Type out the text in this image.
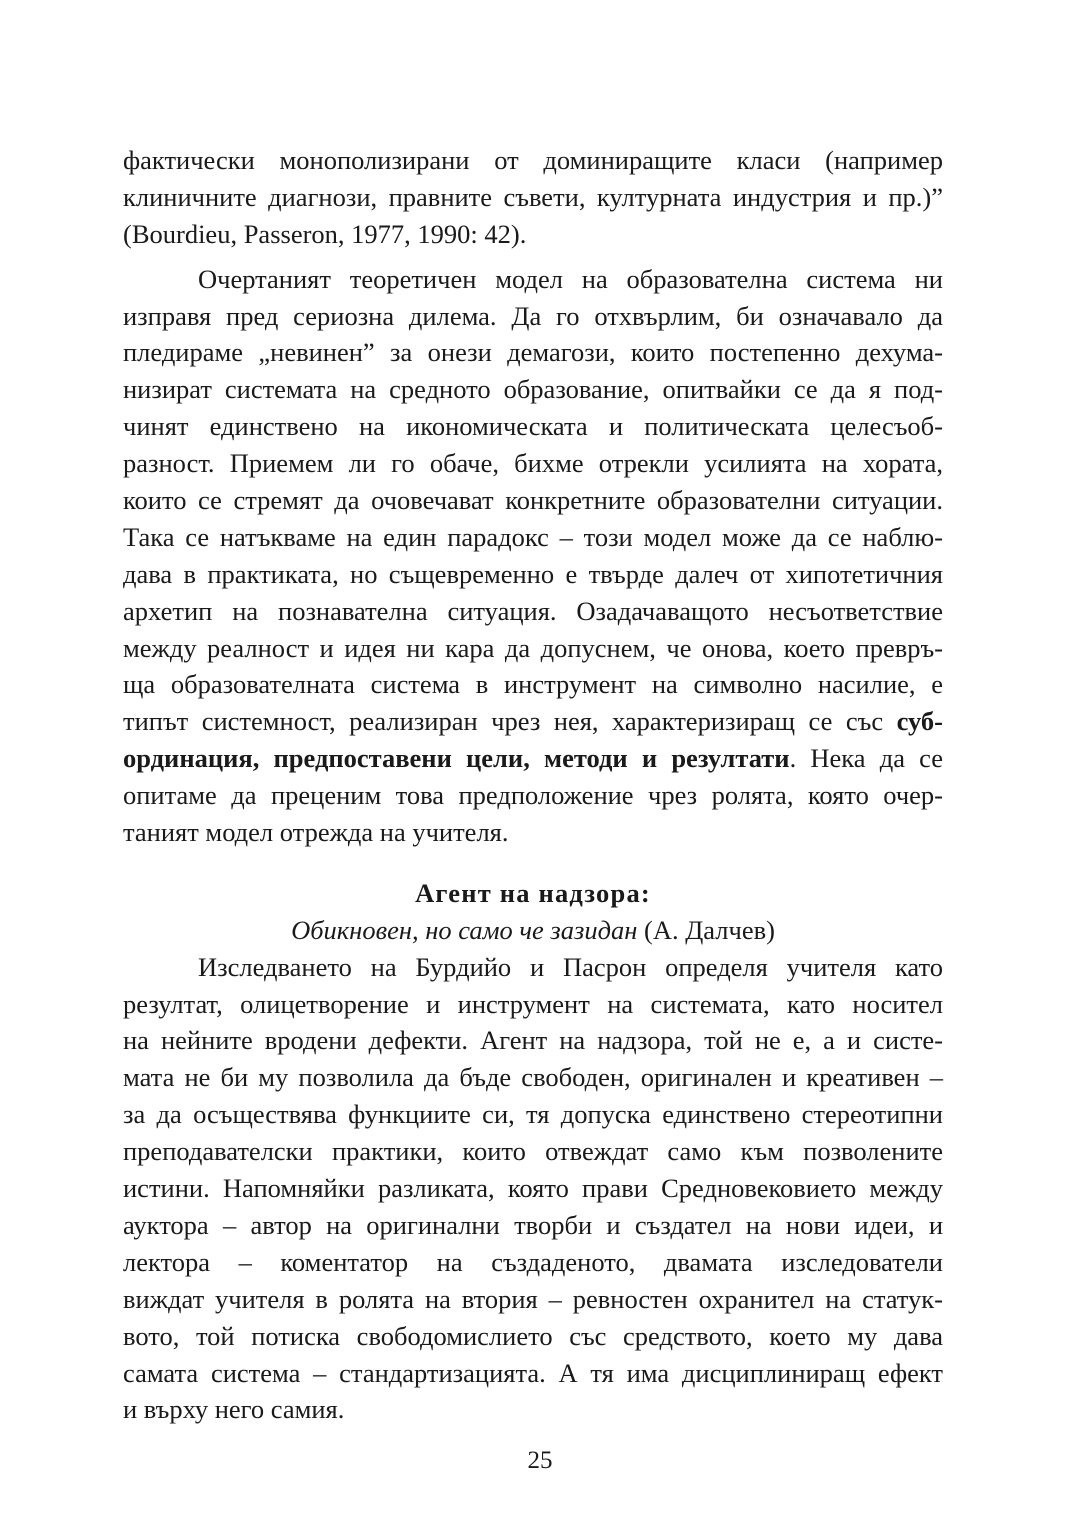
фактически монополизирани от доминиращите класи (например
клиничните диагнози, правните съвети, културната индустрия и пр.)”
(Bourdieu, Passeron, 1977, 1990: 42).
Очертаният теоретичен модел на образователна система ни
изправя пред сериозна дилема. Да го отхвърлим, би означавало да
пледираме „невинен” за онези демагози, които постепенно дехума-
низират системата на средното образование, опитвайки се да я под-
чинят единствено на икономическата и политическата целесъоб-
разност. Приемем ли го обаче, бихме отрекли усилията на хората,
които се стремят да очовечават конкретните образователни ситуации.
Така се натъкваме на един парадокс – този модел може да се наблю-
дава в практиката, но същевременно е твърде далеч от хипотетичния
архетип на познавателна ситуация. Озадачаващото несъответствие
между реалност и идея ни кара да допуснем, че онова, което превръ-
ща образователната система в инструмент на символно насилие, е
типът системност, реализиран чрез нея, характеризиращ се със суб-
ординация, предпоставени цели, методи и резултати. Нека да се
опитаме да преценим това предположение чрез ролята, която очер-
таният модел отрежда на учителя.
Агент на надзора:
Обикновен, но само че зазидан (А. Далчев)
Изследването на Бурдийо и Пасрон определя учителя като
резултат, олицетворение и инструмент на системата, като носител
на нейните вродени дефекти. Агент на надзора, той не е, а и систе-
мата не би му позволила да бъде свободен, оригинален и креативен –
за да осъществява функциите си, тя допуска единствено стереотипни
преподавателски практики, които отвеждат само към позволените
истини. Напомняйки разликата, която прави Средновековието между
аукторa – автор на оригинални творби и създател на нови идеи, и
лектора – коментатор на създаденото, двамата изследователи
виждат учителя в ролята на втория – ревностен охранител на статук-
вото, той потиска свободомислието със средството, което му дава
самата система – стандартизацията. А тя има дисциплиниращ ефект
и върху него самия.
25
